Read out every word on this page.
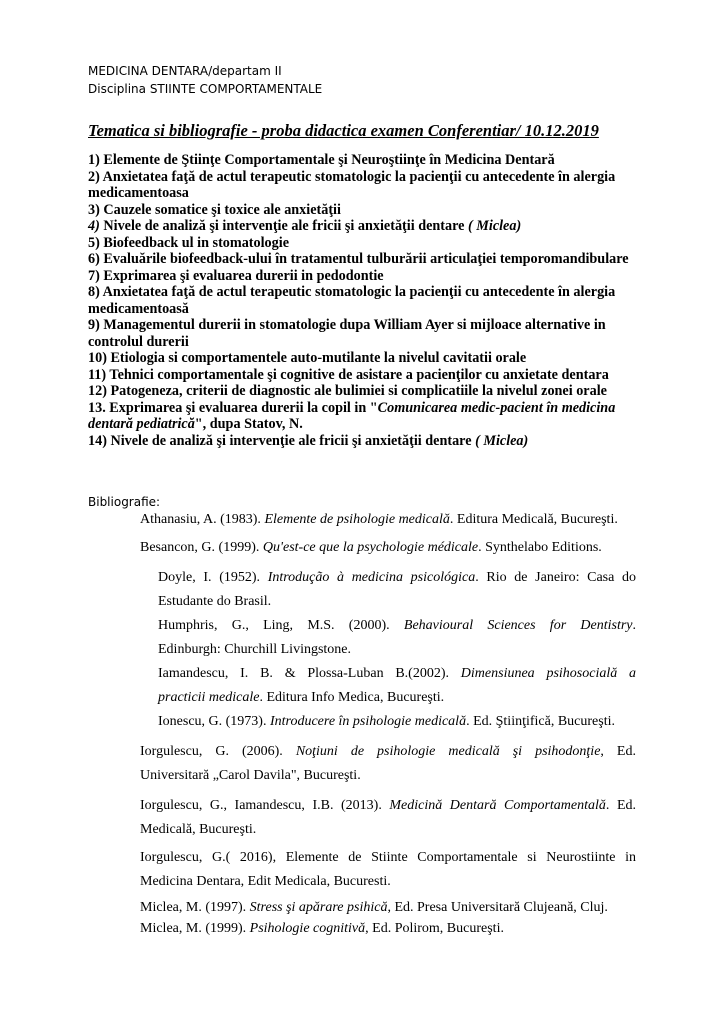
MEDICINA DENTARA/departam II
Disciplina STIINTE COMPORTAMENTALE
Tematica si bibliografie - proba didactica examen Conferentiar/ 10.12.2019
1) Elemente de Ştiinţe Comportamentale şi Neuroştiinţe în Medicina Dentară
2) Anxietatea faţă de actul terapeutic stomatologic la pacienţii cu antecedente în alergia medicamentoasa
3) Cauzele somatice şi toxice ale anxietăţii
4) Nivele de analiză şi intervenţie ale fricii şi anxietăţii dentare ( Miclea)
5) Biofeedback ul in stomatologie
6) Evaluările biofeedback-ului în tratamentul tulburării articulaţiei temporomandibulare
7) Exprimarea şi evaluarea durerii in pedodontie
8) Anxietatea faţă de actul terapeutic stomatologic la pacienţii cu antecedente în alergia medicamentoasă
9) Managementul durerii in stomatologie dupa William Ayer si mijloace alternative in controlul durerii
10) Etiologia si comportamentele auto-mutilante la nivelul cavitatii orale
11) Tehnici comportamentale şi cognitive de asistare a pacienţilor cu anxietate dentara
12) Patogeneza, criterii de diagnostic ale bulimiei si complicatiile la nivelul zonei orale
13. Exprimarea şi evaluarea durerii la copil in "Comunicarea medic-pacient în medicina dentară pediatrică", dupa Statov, N.
14) Nivele de analiză şi intervenţie ale fricii şi anxietăţii dentare ( Miclea)
Bibliografie:
Athanasiu, A. (1983). Elemente de psihologie medicală. Editura Medicală, Bucureşti.
Besancon, G. (1999). Qu'est-ce que la psychologie médicale. Synthelabo Editions.
Doyle, I. (1952). Introdução à medicina psicológica. Rio de Janeiro: Casa do
Estudante do Brasil.
Humphris, G., Ling, M.S. (2000). Behavioural Sciences for Dentistry.
Edinburgh: Churchill Livingstone.
Iamandescu, I. B. & Plossa-Luban B.(2002). Dimensiunea psihosocială a
practicii medicale. Editura Info Medica, Bucureşti.
Ionescu, G. (1973). Introducere în psihologie medicală. Ed. Ştiinţifică, Bucureşti.
Iorgulescu, G. (2006). Noţiuni de psihologie medicală şi psihodonţie, Ed.
Universitară „Carol Davila", Bucureşti.
Iorgulescu, G., Iamandescu, I.B. (2013). Medicină Dentară Comportamentală. Ed.
Medicală, Bucureşti.
Iorgulescu, G.( 2016), Elemente de Stiinte Comportamentale si Neurostiinte in
Medicina Dentara, Edit Medicala, Bucuresti.
Miclea, M. (1997). Stress şi apărare psihică, Ed. Presa Universitară Clujeană, Cluj.
Miclea, M. (1999). Psihologie cognitivă, Ed. Polirom, Bucureşti.
